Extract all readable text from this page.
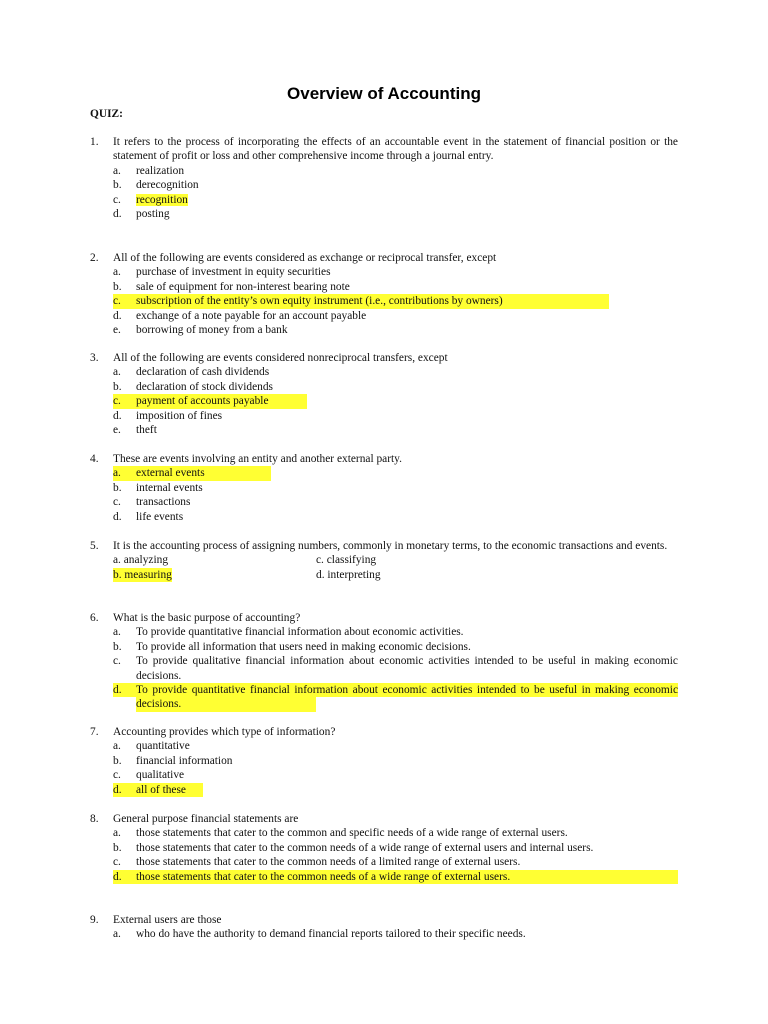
Overview of Accounting
QUIZ:
1.	It refers to the process of incorporating the effects of an accountable event in the statement of financial position or the statement of profit or loss and other comprehensive income through a journal entry.
a. realization
b. derecognition
c. recognition
d. posting
2.	All of the following are events considered as exchange or reciprocal transfer, except
a. purchase of investment in equity securities
b. sale of equipment for non-interest bearing note
c. subscription of the entity’s own equity instrument (i.e., contributions by owners)
d. exchange of a note payable for an account payable
e. borrowing of money from a bank
3.	All of the following are events considered nonreciprocal transfers, except
a. declaration of cash dividends
b. declaration of stock dividends
c. payment of accounts payable
d. imposition of fines
e. theft
4.	These are events involving an entity and another external party.
a. external events
b. internal events
c. transactions
d. life events
5.	It is the accounting process of assigning numbers, commonly in monetary terms, to the economic transactions and events.
a. analyzing	c. classifying
b. measuring	d. interpreting
6.	What is the basic purpose of accounting?
a. To provide quantitative financial information about economic activities.
b. To provide all information that users need in making economic decisions.
c. To provide qualitative financial information about economic activities intended to be useful in making economic decisions.
d. To provide quantitative financial information about economic activities intended to be useful in making economic decisions.
7.	Accounting provides which type of information?
a. quantitative
b. financial information
c. qualitative
d. all of these
8.	General purpose financial statements are
a. those statements that cater to the common and specific needs of a wide range of external users.
b. those statements that cater to the common needs of a wide range of external users and internal users.
c. those statements that cater to the common needs of a limited range of external users.
d. those statements that cater to the common needs of a wide range of external users.
9.	External users are those
a. who do have the authority to demand financial reports tailored to their specific needs.
